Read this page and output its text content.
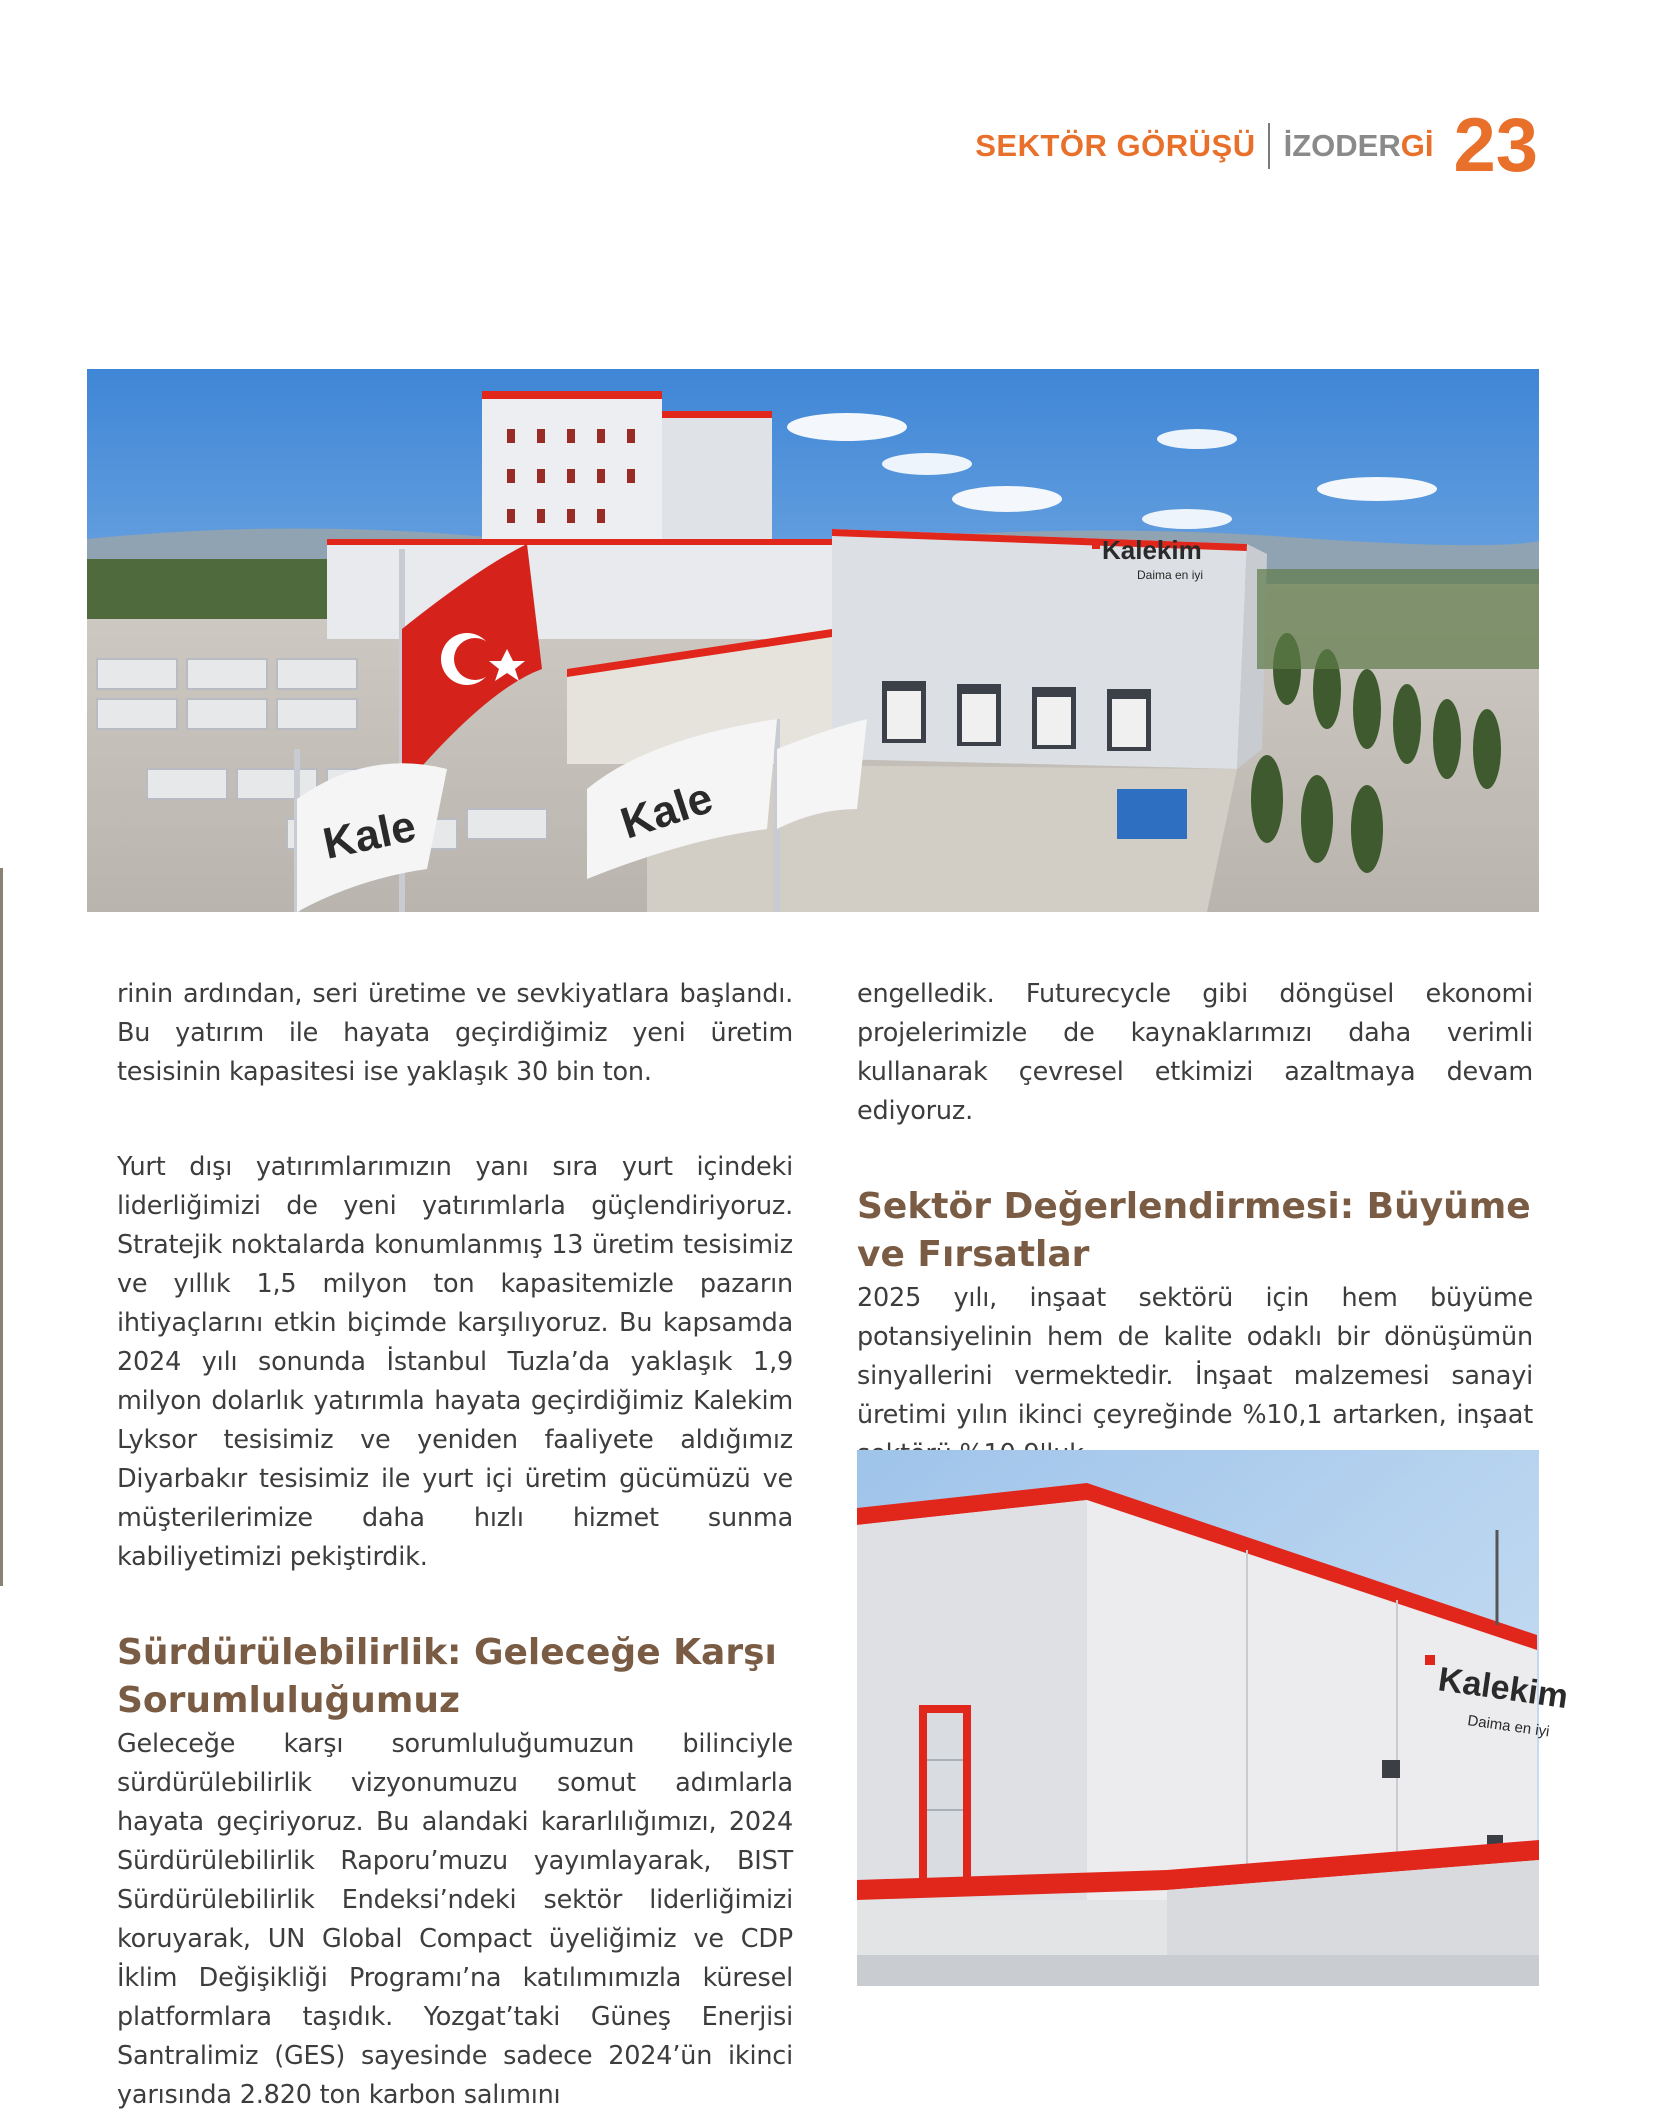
SEKTÖR GÖRÜŞÜ İZODERGİ 23
Kalekim
Daima en iyi
Kale	Kale

rinin ardından, seri üretime ve sevkiyatlara başlandı. Bu yatırım ile hayata geçirdiğimiz yeni üretim tesisinin kapasitesi ise yaklaşık 30 bin ton.

Yurt dışı yatırımlarımızın yanı sıra yurt içindeki liderliğimizi de yeni yatırımlarla güçlendiriyoruz. Stratejik noktalarda konumlanmış 13 üretim tesisimiz ve yıllık 1,5 milyon ton kapasitemizle pazarın ihtiyaçlarını etkin biçimde karşılıyoruz. Bu kapsamda 2024 yılı sonunda İstanbul Tuzla’da yaklaşık 1,9 milyon dolarlık yatırımla hayata geçirdiğimiz Kalekim Lyksor tesisimiz ve yeniden faaliyete aldığımız Diyarbakır tesisimiz ile yurt içi üretim gücümüzü ve müşterilerimize daha hızlı hizmet sunma kabiliyetimizi pekiştirdik.

Sürdürülebilirlik: Geleceğe Karşı Sorumluluğumuz

Geleceğe karşı sorumluluğumuzun bilinciyle sürdürülebilirlik vizyonumuzu somut adımlarla hayata geçiriyoruz. Bu alandaki kararlılığımızı, 2024 Sürdürülebilirlik Raporu’muzu yayımlayarak, BIST Sürdürülebilirlik Endeksi’ndeki sektör liderliğimizi koruyarak, UN Global Compact üyeliğimiz ve CDP İklim Değişikliği Programı’na katılımımızla küresel platformlara taşıdık. Yozgat’taki Güneş Enerjisi Santralimiz (GES) sayesinde sadece 2024’ün ikinci yarısında 2.820 ton karbon salımını

engelledik. Futurecycle gibi döngüsel ekonomi projelerimizle de kaynaklarımızı daha verimli kullanarak çevresel etkimizi azaltmaya devam ediyoruz.

Sektör Değerlendirmesi: Büyüme ve Fırsatlar

2025 yılı, inşaat sektörü için hem büyüme potansiyelinin hem de kalite odaklı bir dönüşümün sinyallerini vermektedir. İnşaat malzemesi sanayi üretimi yılın ikinci çeyreğinde %10,1 artarken, inşaat

Kalekim
Daima en iyi
